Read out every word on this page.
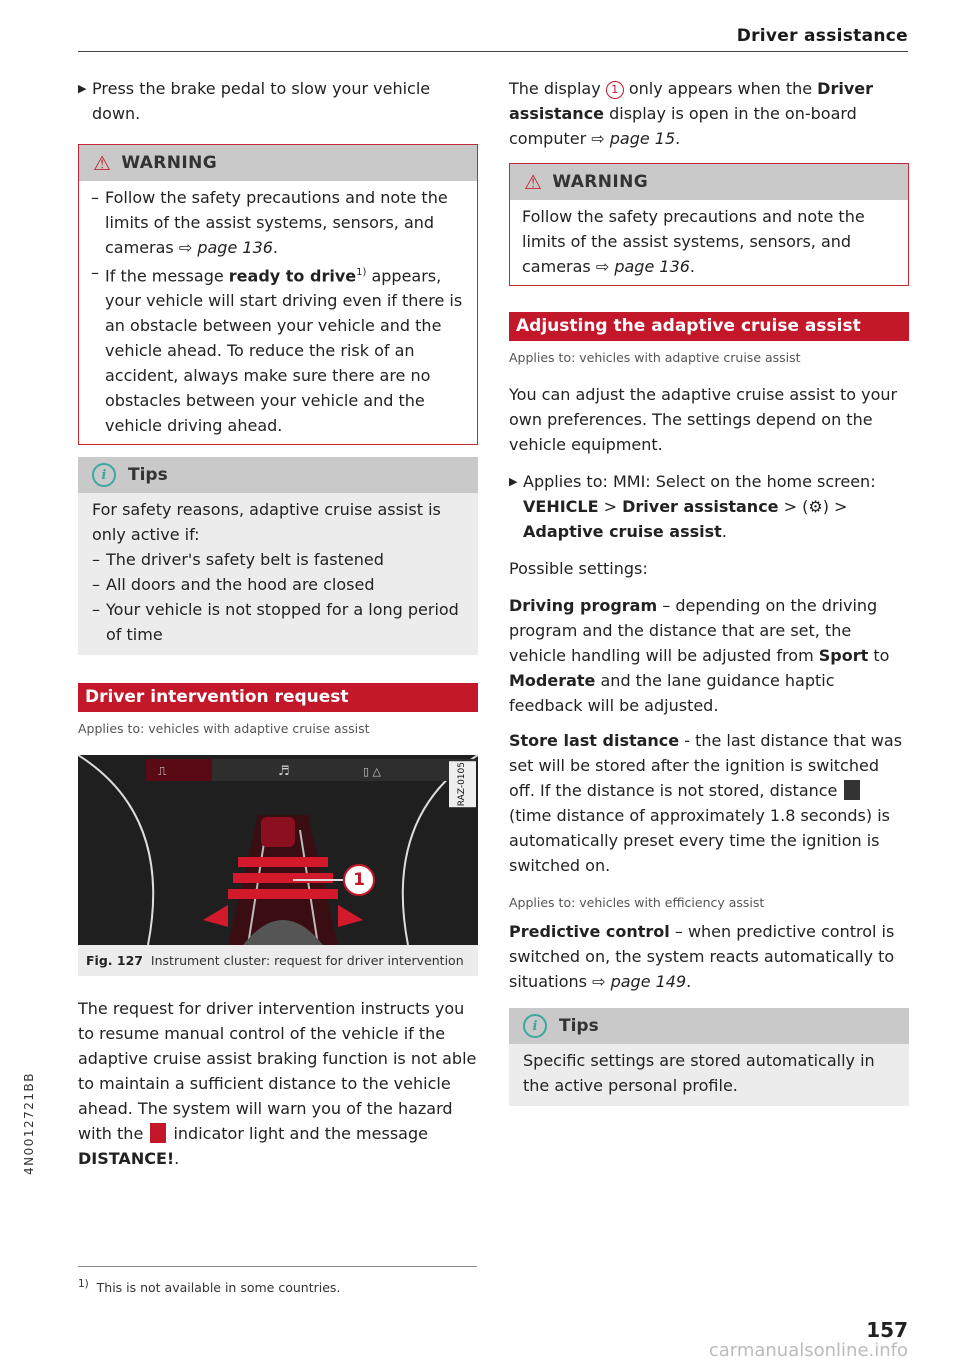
Driver assistance
▶ Press the brake pedal to slow your vehicle down.
⚠ WARNING
– Follow the safety precautions and note the limits of the assist systems, sensors, and cameras ⇨ page 136.
– If the message ready to drive$^{1)}$ appears, your vehicle will start driving even if there is an obstacle between your vehicle and the vehicle ahead. To reduce the risk of an accident, always make sure there are no obstacles between your vehicle and the vehicle driving ahead.
i	Tips

For safety reasons, adaptive cruise assist is only active if:

– The driver's safety belt is fastened
– All doors and the hood are closed
– Your vehicle is not stopped for a long period of time
Driver intervention request
Applies to: vehicles with adaptive cruise assist
⎍	♬	▯ △
1
RAZ-0105
Fig. 127 Instrument cluster: request for driver intervention

The request for driver intervention instructs you to resume manual control of the vehicle if the adaptive cruise assist braking function is not able to maintain a sufficient distance to the vehicle ahead. The system will warn you of the hazard with the  indicator light and the message DISTANCE!.

$^{1)}$ This is not available in some countries.

The display 1 only appears when the Driver assistance display is open in the on-board computer ⇨ page 15.

⚠ WARNING
Follow the safety precautions and note the limits of the assist systems, sensors, and cameras ⇨ page 136.
Adjusting the adaptive cruise assist
Applies to: vehicles with adaptive cruise assist

You can adjust the adaptive cruise assist to your own preferences. The settings depend on the vehicle equipment.

▶ Applies to: MMI: Select on the home screen: VEHICLE > Driver assistance > (⚙) > Adaptive cruise assist.

Possible settings:

Driving program – depending on the driving program and the distance that are set, the vehicle handling will be adjusted from Sport to Moderate and the lane guidance haptic feedback will be adjusted.

Store last distance - the last distance that was set will be stored after the ignition is switched off. If the distance is not stored, distance  (time distance of approximately 1.8 seconds) is automatically preset every time the ignition is switched on.

Applies to: vehicles with efficiency assist

Predictive control – when predictive control is switched on, the system reacts automatically to situations ⇨ page 149.

i	Tips
Specific settings are stored automatically in the active personal profile.
4N0012721BB
157
carmanualsonline.info
